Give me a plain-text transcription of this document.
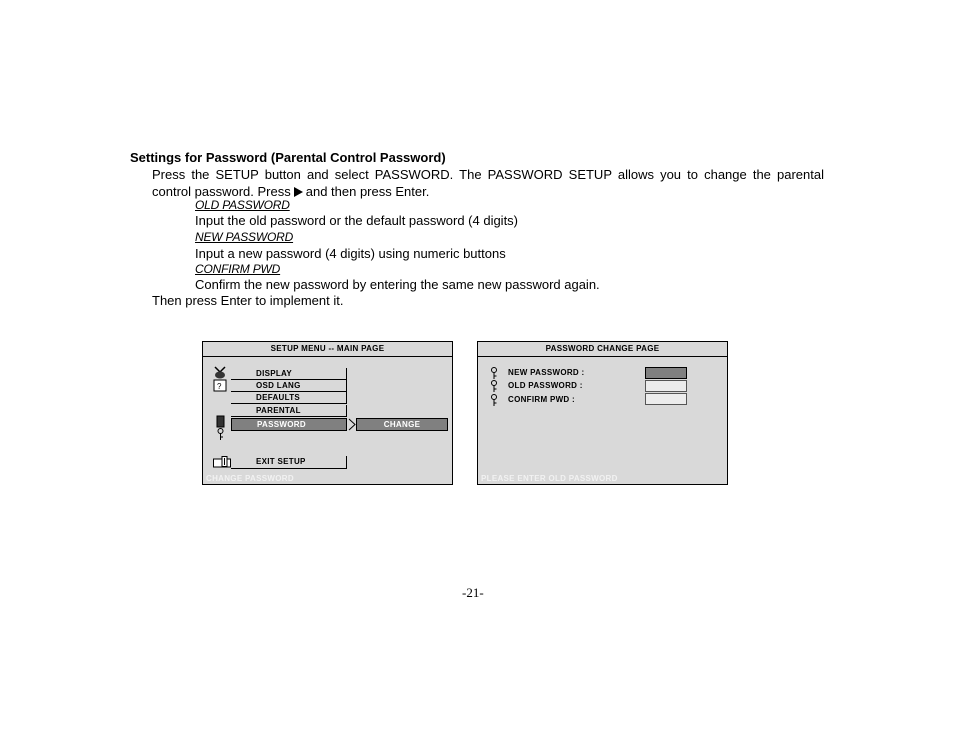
Settings for Password (Parental Control Password)
Press the SETUP button and select PASSWORD. The PASSWORD SETUP allows you to change the parental control password. Press and then press Enter.
OLD PASSWORD
Input the old password or the default password (4 digits)
NEW PASSWORD
Input a new password (4 digits) using numeric buttons
CONFIRM PWD
Confirm the new password by entering the same new password again.
Then press Enter to implement it.
SETUP MENU -- MAIN PAGE
?
DISPLAY
OSD LANG
DEFAULTS
PARENTAL
PASSWORD	CHANGE
EXIT SETUP
CHANGE PASSWORD
PASSWORD CHANGE PAGE
NEW PASSWORD :
OLD PASSWORD :
CONFIRM PWD :
PLEASE ENTER OLD PASSWORD
-21-
